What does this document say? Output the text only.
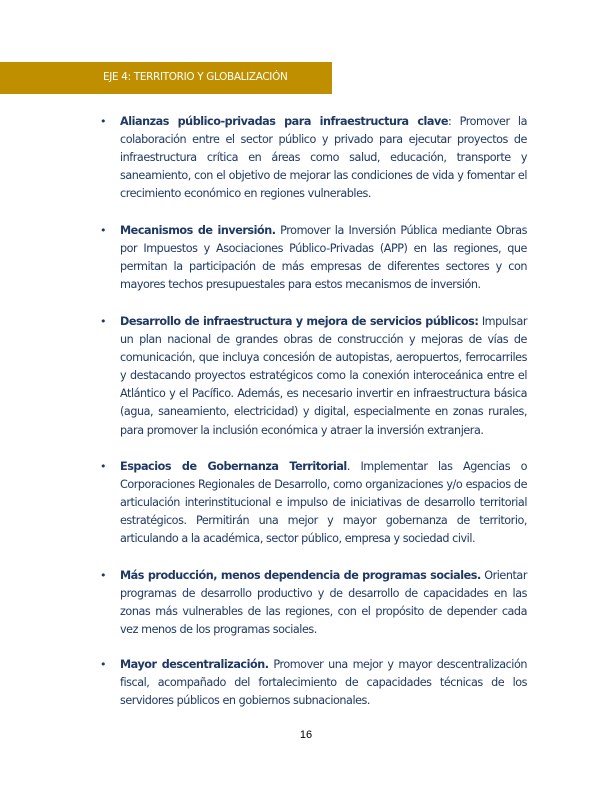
EJE 4: TERRITORIO Y GLOBALIZACIÓN
• Alianzas público-privadas para infraestructura clave: Promover la colaboración entre el sector público y privado para ejecutar proyectos de infraestructura crítica en áreas como salud, educación, transporte y saneamiento, con el objetivo de mejorar las condiciones de vida y fomentar el crecimiento económico en regiones vulnerables.
• Mecanismos de inversión. Promover la Inversión Pública mediante Obras por Impuestos y Asociaciones Público-Privadas (APP) en las regiones, que permitan la participación de más empresas de diferentes sectores y con mayores techos presupuestales para estos mecanismos de inversión.
• Desarrollo de infraestructura y mejora de servicios públicos: Impulsar un plan nacional de grandes obras de construcción y mejoras de vías de comunicación, que incluya concesión de autopistas, aeropuertos, ferrocarriles y destacando proyectos estratégicos como la conexión interoceánica entre el Atlántico y el Pacífico. Además, es necesario invertir en infraestructura básica (agua, saneamiento, electricidad) y digital, especialmente en zonas rurales, para promover la inclusión económica y atraer la inversión extranjera.
• Espacios de Gobernanza Territorial. Implementar las Agencias o Corporaciones Regionales de Desarrollo, como organizaciones y/o espacios de articulación interinstitucional e impulso de iniciativas de desarrollo territorial estratégicos. Permitirán una mejor y mayor gobernanza de territorio, articulando a la académica, sector público, empresa y sociedad civil.
• Más producción, menos dependencia de programas sociales. Orientar programas de desarrollo productivo y de desarrollo de capacidades en las zonas más vulnerables de las regiones, con el propósito de depender cada vez menos de los programas sociales.
• Mayor descentralización. Promover una mejor y mayor descentralización fiscal, acompañado del fortalecimiento de capacidades técnicas de los servidores públicos en gobiernos subnacionales.
16
